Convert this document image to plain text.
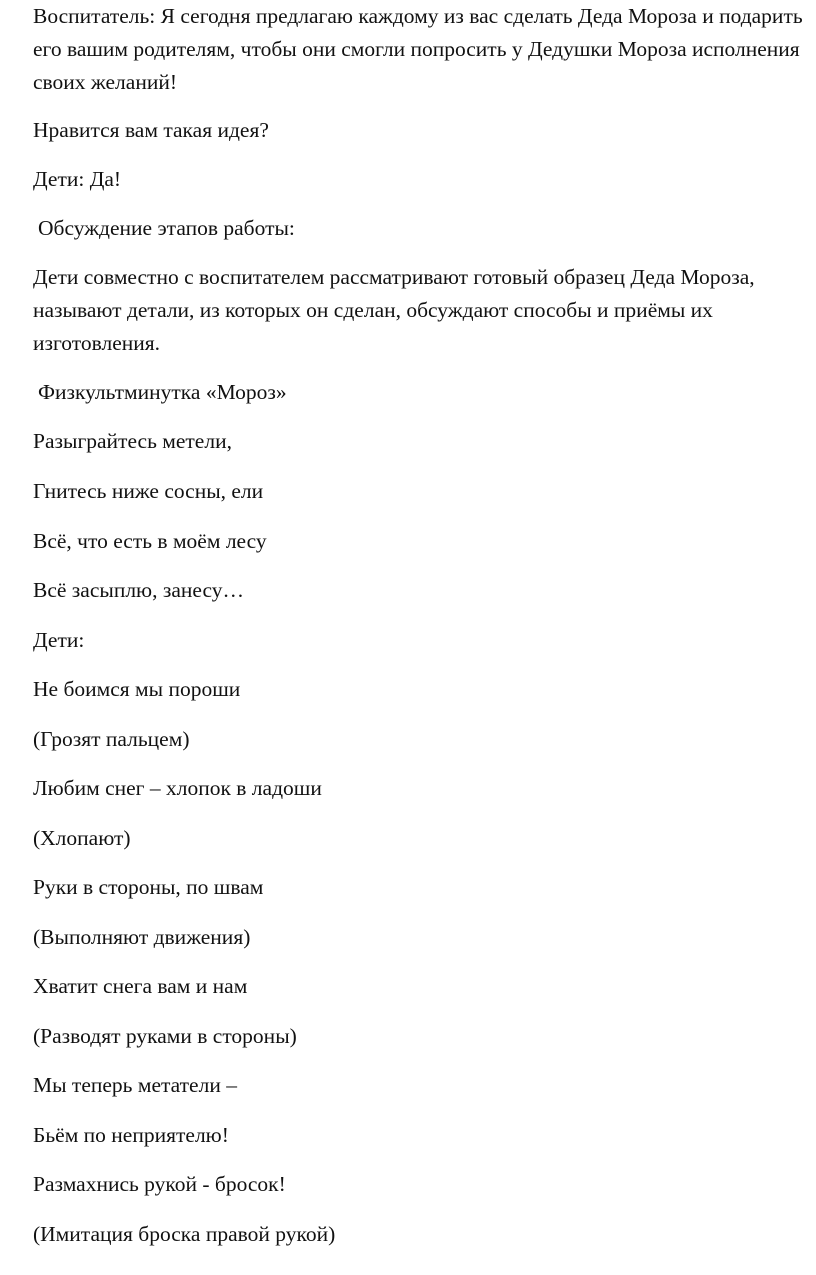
Воспитатель: Я сегодня предлагаю каждому из вас сделать Деда Мороза и подарить его вашим родителям, чтобы они смогли попросить у Дедушки Мороза исполнения своих желаний!

Нравится вам такая идея?

Дети: Да!

Обсуждение этапов работы:

Дети совместно с воспитателем рассматривают готовый образец Деда Мороза, называют детали, из которых он сделан, обсуждают способы и приёмы их изготовления.

Физкультминутка «Мороз»

Разыграйтесь метели,

Гнитесь ниже сосны, ели

Всё, что есть в моём лесу

Всё засыплю, занесу…

Дети:

Не боимся мы пороши

(Грозят пальцем)

Любим снег – хлопок в ладоши

(Хлопают)

Руки в стороны, по швам

(Выполняют движения)

Хватит снега вам и нам

(Разводят руками в стороны)

Мы теперь метатели –

Бьём по неприятелю!

Размахнись рукой - бросок!

(Имитация броска правой рукой)
